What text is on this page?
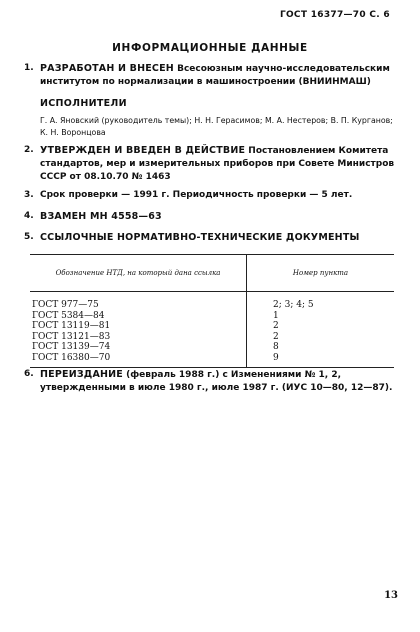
ГОСТ 16377—70 С. 6
ИНФОРМАЦИОННЫЕ ДАННЫЕ
1. РАЗРАБОТАН И ВНЕСЕН Всесоюзным научно-исследовательским институтом по нормализации в машиностроении (ВНИИНМАШ)
ИСПОЛНИТЕЛИ
Г. А. Яновский (руководитель темы); Н. Н. Герасимов; М. А. Нестеров; В. П. Курганов; К. Н. Воронцова
2. УТВЕРЖДЕН И ВВЕДЕН В ДЕЙСТВИЕ Постановлением Комитета стандартов, мер и измерительных приборов при Совете Министров СССР от 08.10.70 № 1463
3. Срок проверки — 1991 г. Периодичность проверки — 5 лет.
4. ВЗАМЕН МН 4558—63
5. ССЫЛОЧНЫЕ НОРМАТИВНО-ТЕХНИЧЕСКИЕ ДОКУМЕНТЫ
Обозначение НТД, на который дана ссылка	Номер пункта
ГОСТ 977—75	2; 3; 4; 5
ГОСТ 5384—84	1
ГОСТ 13119—81	2
ГОСТ 13121—83	2
ГОСТ 13139—74	8
ГОСТ 16380—70	9
6. ПЕРЕИЗДАНИЕ (февраль 1988 г.) с Изменениями № 1, 2, утвержденными в июле 1980 г., июле 1987 г. (ИУС 10—80, 12—87).
13
